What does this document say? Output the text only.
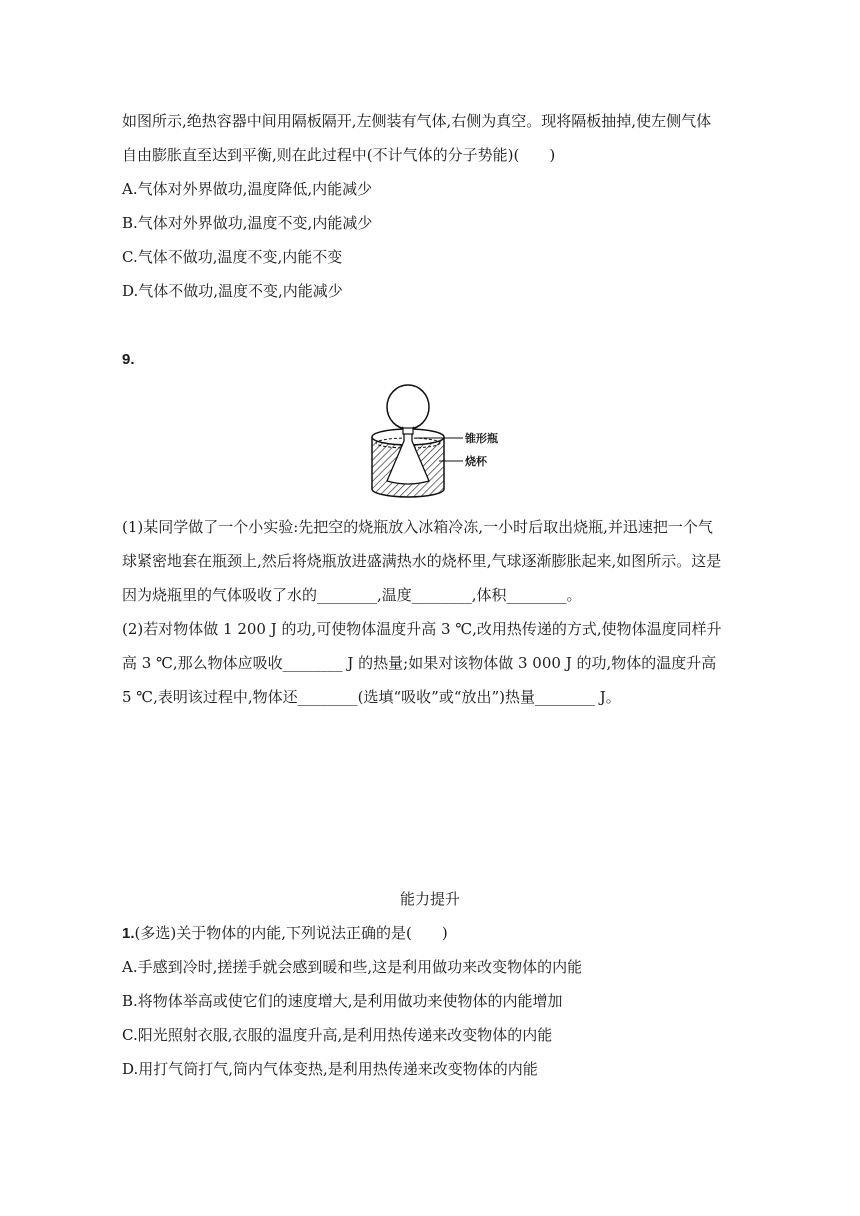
如图所示,绝热容器中间用隔板隔开,左侧装有气体,右侧为真空。现将隔板抽掉,使左侧气体
自由膨胀直至达到平衡,则在此过程中(不计气体的分子势能)(　　)
A.气体对外界做功,温度降低,内能减少
B.气体对外界做功,温度不变,内能减少
C.气体不做功,温度不变,内能不变
D.气体不做功,温度不变,内能减少
9.
锥形瓶
烧杯
(1)某同学做了一个小实验:先把空的烧瓶放入冰箱冷冻,一小时后取出烧瓶,并迅速把一个气
球紧密地套在瓶颈上,然后将烧瓶放进盛满热水的烧杯里,气球逐渐膨胀起来,如图所示。这是
因为烧瓶里的气体吸收了水的________,温度________,体积________。
(2)若对物体做 1 200 J 的功,可使物体温度升高 3 ℃,改用热传递的方式,使物体温度同样升
高 3 ℃,那么物体应吸收________ J 的热量;如果对该物体做 3 000 J 的功,物体的温度升高
5 ℃,表明该过程中,物体还________(选填“吸收”或“放出”)热量________ J。
能力提升
1.(多选)关于物体的内能,下列说法正确的是(　　)
A.手感到冷时,搓搓手就会感到暖和些,这是利用做功来改变物体的内能
B.将物体举高或使它们的速度增大,是利用做功来使物体的内能增加
C.阳光照射衣服,衣服的温度升高,是利用热传递来改变物体的内能
D.用打气筒打气,筒内气体变热,是利用热传递来改变物体的内能
